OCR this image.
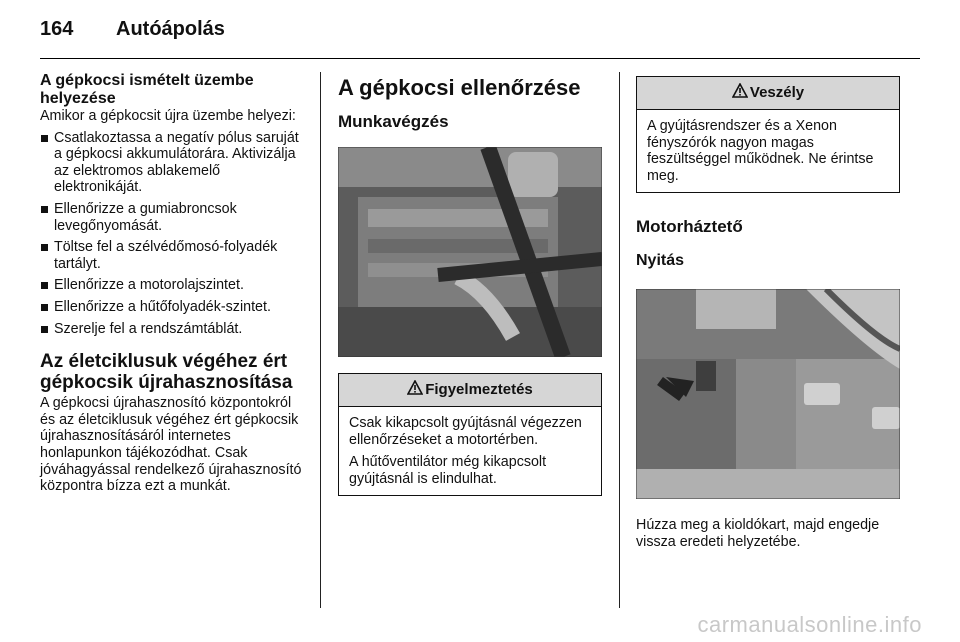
164 Autóápolás
A gépkocsi ismételt üzembe helyezése

Amikor a gépkocsit újra üzembe helyezi:

Csatlakoztassa a negatív pólus saruját a gépkocsi akkumulátorára. Aktivizálja az elektromos ablakemelő elektronikáját.
Ellenőrizze a gumiabroncsok levegőnyomását.
Töltse fel a szélvédőmosó-folyadék tartályt.
Ellenőrizze a motorolajszintet.
Ellenőrizze a hűtőfolyadék-szintet.
Szerelje fel a rendszámtáblát.
Az életciklusuk végéhez ért gépkocsik újrahasznosítása

A gépkocsi újrahasznosító központokról és az életciklusuk végéhez ért gépkocsik újrahasznosításáról internetes honlapunkon tájékozódhat. Csak jóváhagyással rendelkező újrahasznosító központra bízza ezt a munkát.

A gépkocsi ellenőrzése
Munkavégzés
Figyelmeztetés

Csak kikapcsolt gyújtásnál végezzen ellenőrzéseket a motortérben.

A hűtőventilátor még kikapcsolt gyújtásnál is elindulhat.

Veszély

A gyújtásrendszer és a Xenon fényszórók nagyon magas feszültséggel működnek. Ne érintse meg.

Motorháztető
Nyitás

Húzza meg a kioldókart, majd engedje vissza eredeti helyzetébe.

carmanualsonline.info
